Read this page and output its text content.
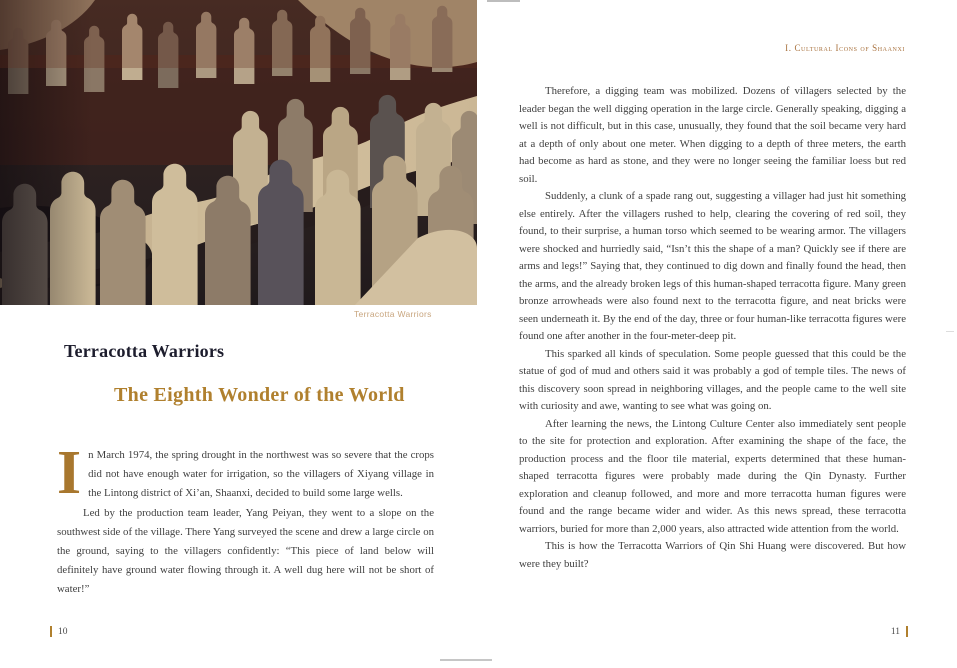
Terracotta Warriors
Terracotta Warriors
The Eighth Wonder of the World

In March 1974, the spring drought in the northwest was so severe that the crops did not have enough water for irrigation, so the villagers of Xiyang village in the Lintong district of Xi’an, Shaanxi, decided to build some large wells.

Led by the production team leader, Yang Peiyan, they went to a slope on the southwest side of the village. There Yang surveyed the scene and drew a large circle on the ground, saying to the villagers confidently: “This piece of land below will definitely have ground water flowing through it. A well dug here will not be short of water!”

10
I. Cultural Icons of Shaanxi

Therefore, a digging team was mobilized. Dozens of villagers selected by the leader began the well digging operation in the large circle. Generally speaking, digging a well is not difficult, but in this case, unusually, they found that the soil became very hard at a depth of only about one meter. When digging to a depth of three meters, the earth had become as hard as stone, and they were no longer seeing the familiar loess but red soil.

Suddenly, a clunk of a spade rang out, suggesting a villager had just hit something else entirely. After the villagers rushed to help, clearing the covering of red soil, they found, to their surprise, a human torso which seemed to be wearing armor. The villagers were shocked and hurriedly said, “Isn’t this the shape of a man? Quickly see if there are arms and legs!” Saying that, they continued to dig down and finally found the head, then the arms, and the already broken legs of this human-shaped terracotta figure. Many green bronze arrowheads were also found next to the terracotta figure, and neat bricks were seen underneath it. By the end of the day, three or four human-like terracotta figures were found one after another in the four-meter-deep pit.

This sparked all kinds of speculation. Some people guessed that this could be the statue of god of mud and others said it was probably a god of temple tiles. The news of this discovery soon spread in neighboring villages, and the people came to the well site with curiosity and awe, wanting to see what was going on.

After learning the news, the Lintong Culture Center also immediately sent people to the site for protection and exploration. After examining the shape of the face, the production process and the floor tile material, experts determined that these human-shaped terracotta figures were probably made during the Qin Dynasty. Further exploration and cleanup followed, and more and more terracotta human figures were found and the range became wider and wider. As this news spread, these terracotta warriors, buried for more than 2,000 years, also attracted wide attention from the world.

This is how the Terracotta Warriors of Qin Shi Huang were discovered. But how were they built?

11
